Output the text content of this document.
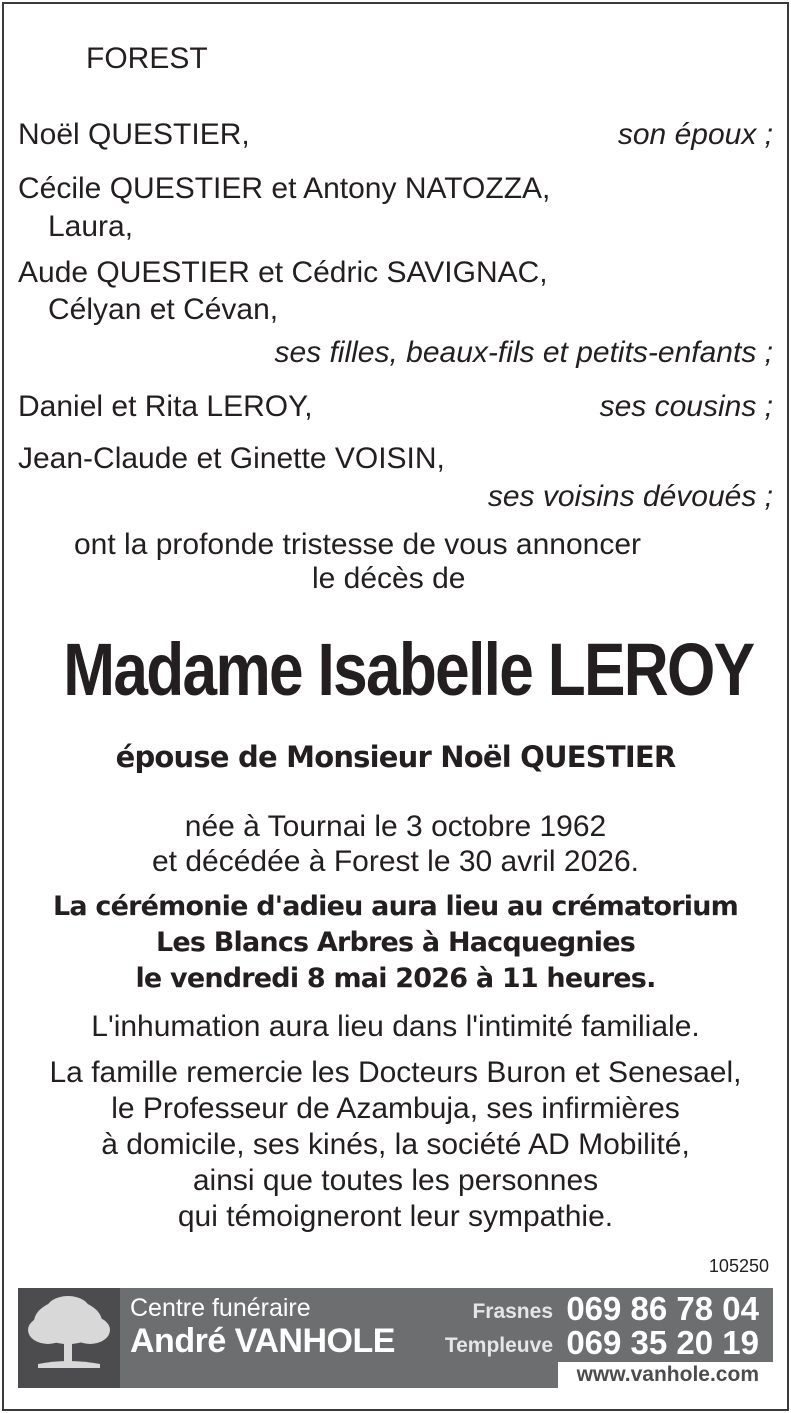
FOREST
Noël QUESTIER,	son époux ;
Cécile QUESTIER et Antony NATOZZA,
Laura,
Aude QUESTIER et Cédric SAVIGNAC,
Célyan et Cévan,
ses filles, beaux-fils et petits-enfants ;
Daniel et Rita LEROY,	ses cousins ;
Jean-Claude et Ginette VOISIN,
ses voisins dévoués ;
ont la profonde tristesse de vous annoncer
le décès de
Madame Isabelle LEROY
épouse de Monsieur Noël QUESTIER
née à Tournai le 3 octobre 1962
et décédée à Forest le 30 avril 2026.
La cérémonie d'adieu aura lieu au crématorium
Les Blancs Arbres à Hacquegnies
le vendredi 8 mai 2026 à 11 heures.
L'inhumation aura lieu dans l'intimité familiale.
La famille remercie les Docteurs Buron et Senesael,
le Professeur de Azambuja, ses infirmières
à domicile, ses kinés, la société AD Mobilité,
ainsi que toutes les personnes
qui témoigneront leur sympathie.
105250
Centre funéraire
André VANHOLE
Frasnes 069 86 78 04
Templeuve 069 35 20 19
www.vanhole.com
